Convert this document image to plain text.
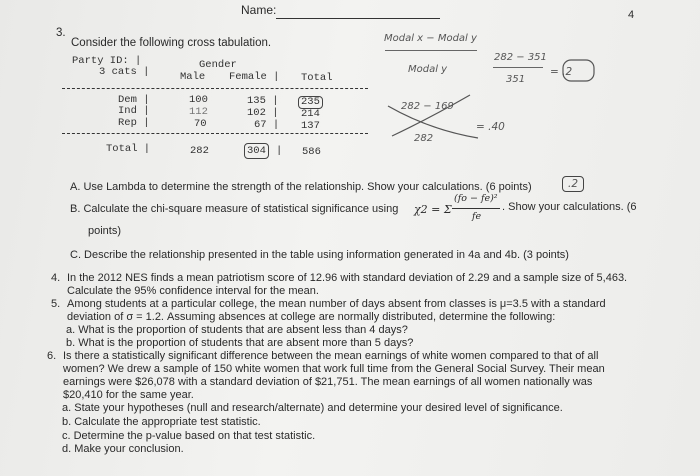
Name:	4
3.
Consider the following cross tabulation.
Party ID: |
3 cats |
Gender
Male Female | Total
Dem |	100	135 | 235
Ind |	112	102 | 214
Rep |	70	67 | 137
Total |	282	304 | 586
Modal x − Modal y
Modal y
282 − 351
351
= .2
282 − 169
282
= .40
A. Use Lambda to determine the strength of the relationship. Show your calculations. (6 points)	.2
B. Calculate the chi-square measure of statistical significance using χ2 = Σ
(fo − fe)²
fe
. Show your calculations. (6
points)
C. Describe the relationship presented in the table using information generated in 4a and 4b. (3 points)
4. In the 2012 NES finds a mean patriotism score of 12.96 with standard deviation of 2.29 and a sample size of 5,463.
Calculate the 95% confidence interval for the mean.
5. Among students at a particular college, the mean number of days absent from classes is μ=3.5 with a standard
deviation of σ = 1.2. Assuming absences at college are normally distributed, determine the following:
a. What is the proportion of students that are absent less than 4 days?
b. What is the proportion of students that are absent more than 5 days?
6. Is there a statistically significant difference between the mean earnings of white women compared to that of all
women? We drew a sample of 150 white women that work full time from the General Social Survey. Their mean
earnings were $26,078 with a standard deviation of $21,751. The mean earnings of all women nationally was
$20,410 for the same year.
a. State your hypotheses (null and research/alternate) and determine your desired level of significance.
b. Calculate the appropriate test statistic.
c. Determine the p-value based on that test statistic.
d. Make your conclusion.
